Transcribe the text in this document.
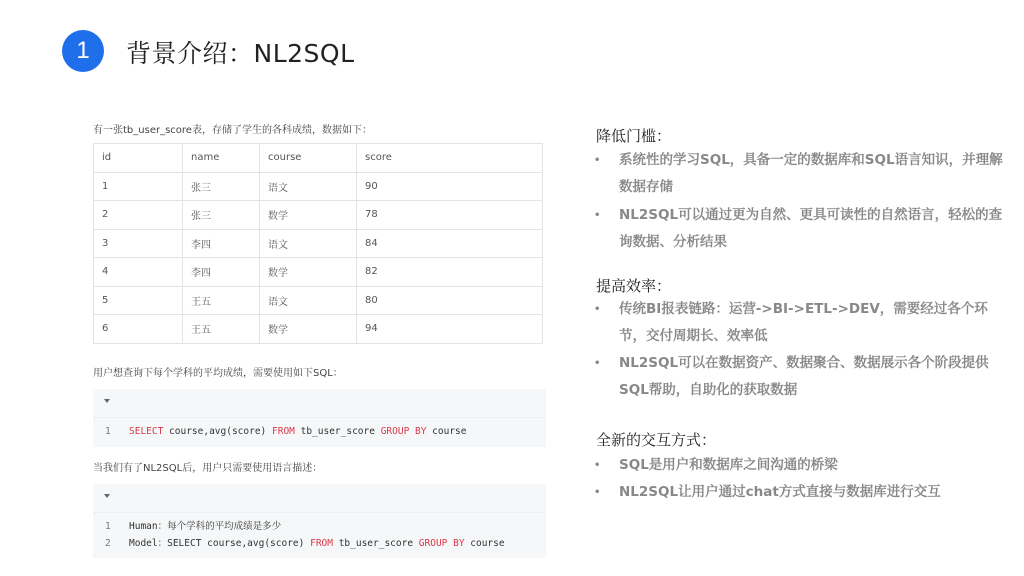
1	背景介绍：NL2SQL
有一张tb_user_score表，存储了学生的各科成绩，数据如下：
id	name	course	score
1	张三	语文	90
2	张三	数学	78
3	李四	语文	84
4	李四	数学	82
5	王五	语文	80
6	王五	数学	94
用户想查询下每个学科的平均成绩，需要使用如下SQL：
1 SELECT course,avg(score) FROM tb_user_score GROUP BY course
当我们有了NL2SQL后，用户只需要使用语言描述：
1 Human：每个学科的平均成绩是多少
2 Model：SELECT course,avg(score) FROM tb_user_score GROUP BY course
降低门槛：
•	系统性的学习SQL，具备一定的数据库和SQL语言知识，并理解数据存储
•	NL2SQL可以通过更为自然、更具可读性的自然语言，轻松的查询数据、分析结果
提高效率：
•	传统BI报表链路：运营->BI->ETL->DEV，需要经过各个环节，交付周期长、效率低
•	NL2SQL可以在数据资产、数据聚合、数据展示各个阶段提供SQL帮助，自助化的获取数据
全新的交互方式：
•	SQL是用户和数据库之间沟通的桥梁
•	NL2SQL让用户通过chat方式直接与数据库进行交互
